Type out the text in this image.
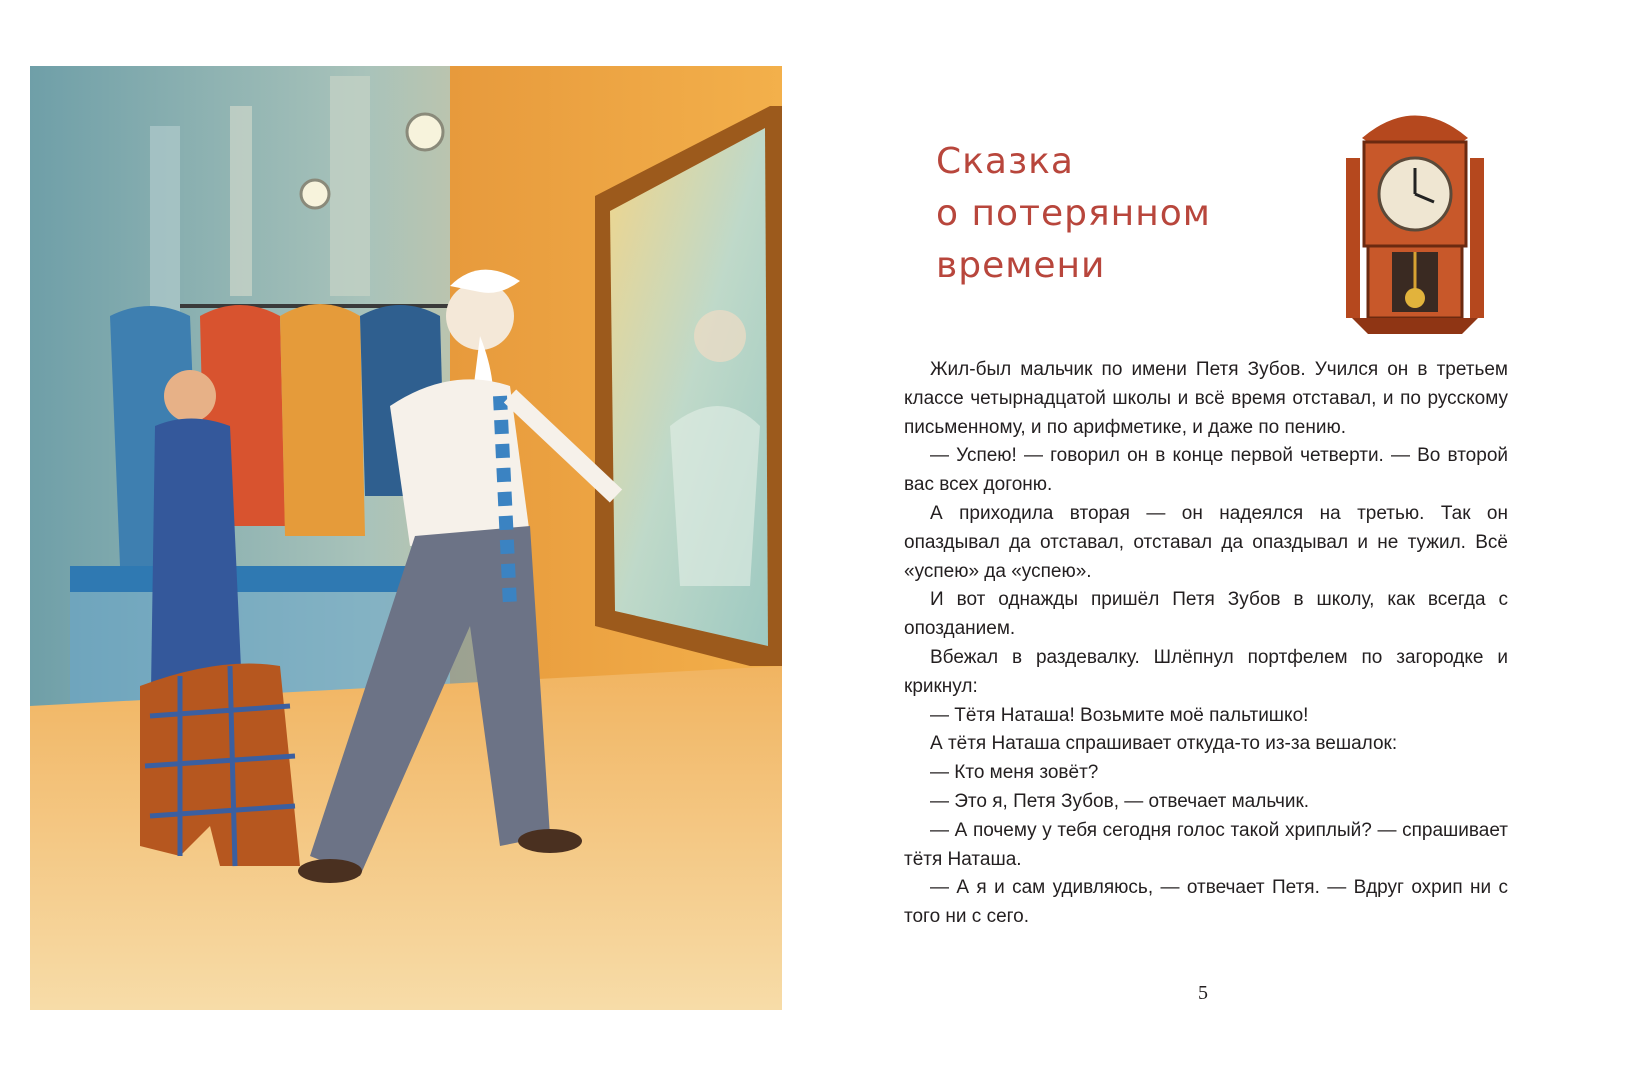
Сказка
о потерянном
времени
Жил-был мальчик по имени Петя Зубов. Учился он в третьем классе четырнадцатой школы и всё время отставал, и по русскому письменному, и по арифметике, и даже по пению.
— Успею! — говорил он в конце первой четверти. — Во второй вас всех догоню.
А приходила вторая — он надеялся на третью. Так он опаздывал да отставал, отставал да опаздывал и не тужил. Всё «успею» да «успею».
И вот однажды пришёл Петя Зубов в школу, как всегда с опозданием.
Вбежал в раздевалку. Шлёпнул портфелем по загородке и крикнул:
— Тётя Наташа! Возьмите моё пальтишко!
А тётя Наташа спрашивает откуда-то из-за вешалок:
— Кто меня зовёт?
— Это я, Петя Зубов, — отвечает мальчик.
— А почему у тебя сегодня голос такой хриплый? — спрашивает тётя Наташа.
— А я и сам удивляюсь, — отвечает Петя. — Вдруг охрип ни с того ни с сего.
5
